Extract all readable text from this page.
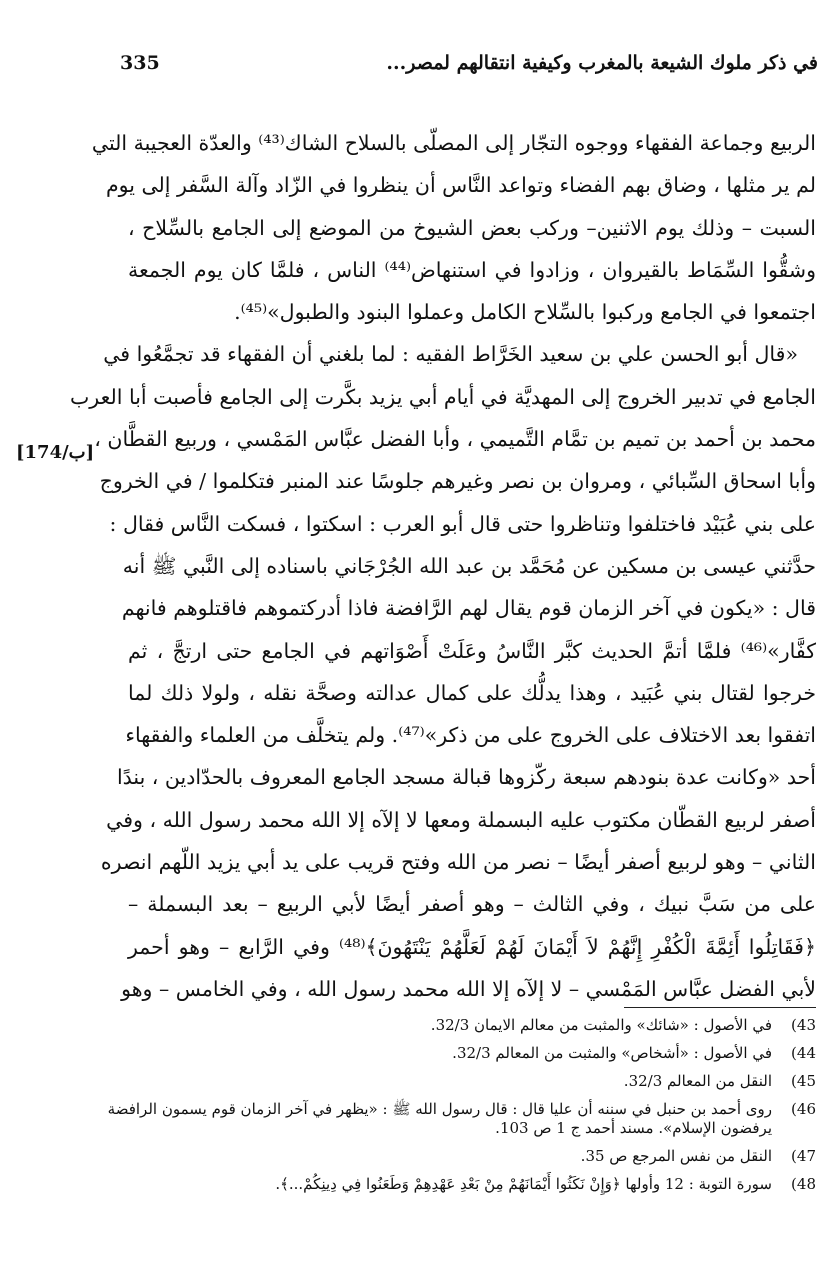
335	في ذكر ملوك الشيعة بالمغرب وكيفية انتقالهم لمصر...
[174/ب]
الربيع وجماعة الفقهاء ووجوه التجّار إلى المصلّى بالسلاح الشاك⁽⁴³⁾ والعدّة العجيبة التي
لم ير مثلها ، وضاق بهم الفضاء وتواعد النَّاس أن ينظروا في الزّاد وآلة السَّفر إلى يوم
السبت – وذلك يوم الاثنين– وركب بعض الشيوخ من الموضع إلى الجامع بالسِّلاح ،
وشقُّوا السِّمَاط بالقيروان ، وزادوا في استنهاض⁽⁴⁴⁾ الناس ، فلمَّا كان يوم الجمعة
اجتمعوا في الجامع وركبوا بالسِّلاح الكامل وعملوا البنود والطبول»⁽⁴⁵⁾.
«قال أبو الحسن علي بن سعيد الخَرَّاط الفقيه : لما بلغني أن الفقهاء قد تجمَّعُوا في
الجامع في تدبير الخروج إلى المهديَّة في أيام أبي يزيد بكَّرت إلى الجامع فأصبت أبا العرب
محمد بن أحمد بن تميم بن تمَّام التَّميمي ، وأبا الفضل عبَّاس المَمْسي ، وربيع القطَّان ،
وأبا اسحاق السِّبائي ، ومروان بن نصر وغيرهم جلوسًا عند المنبر فتكلموا / في الخروج
على بني عُبَيْد فاختلفوا وتناظروا حتى قال أبو العرب : اسكتوا ، فسكت النَّاس فقال :
حدَّثني عيسى بن مسكين عن مُحَمَّد بن عبد الله الجُرْجَاني باسناده إلى النَّبي ﷺ أنه
قال : «يكون في آخر الزمان قوم يقال لهم الرَّافضة فاذا أدركتموهم فاقتلوهم فانهم
كفَّار»⁽⁴⁶⁾ فلمَّا أتمَّ الحديث كبَّر النَّاسُ وعَلَتْ أَصْوَاتهم في الجامع حتى ارتجَّ ، ثم
خرجوا لقتال بني عُبَيد ، وهذا يدلُّك على كمال عدالته وصحَّة نقله ، ولولا ذلك لما
اتفقوا بعد الاختلاف على الخروج على من ذكر»⁽⁴⁷⁾. ولم يتخلَّف من العلماء والفقهاء
أحد «وكانت عدة بنودهم سبعة ركّزوها قبالة مسجد الجامع المعروف بالحدّادين ، بندًا
أصفر لربيع القطّان مكتوب عليه البسملة ومعها لا إلآه إلا الله محمد رسول الله ، وفي
الثاني – وهو لربيع أصفر أيضًا – نصر من الله وفتح قريب على يد أبي يزيد اللّهم انصره
على من سَبَّ نبيك ، وفي الثالث – وهو أصفر أيضًا لأبي الربيع – بعد البسملة –
﴿فَقَاتِلُوا أَئِمَّةَ الْكُفْرِ إِنَّهُمْ لاَ أَيْمَانَ لَهُمْ لَعَلَّهُمْ يَنْتَهُونَ﴾⁽⁴⁸⁾ وفي الرَّابع – وهو أحمر
لأبي الفضل عبَّاس المَمْسي – لا إلآه إلا الله محمد رسول الله ، وفي الخامس – وهو
43)
في الأصول : «شائك» والمثبت من معالم الايمان 32/3.
44)
في الأصول : «أشخاص» والمثبت من المعالم 32/3.
45)
النقل من المعالم 32/3.
46)
روى أحمد بن حنبل في سننه أن عليا قال : قال رسول الله ﷺ : «يظهر في آخر الزمان قوم يسمون الرافضة يرفضون الإسلام». مسند أحمد ج 1 ص 103.
47)
النقل من نفس المرجع ص 35.
48)
سورة التوبة : 12 وأولها ﴿وَإِنْ نَكَثُوا أَيْمَانَهُمْ مِنْ بَعْدِ عَهْدِهِمْ وَطَعَنُوا فِي دِينِكُمْ...﴾.
